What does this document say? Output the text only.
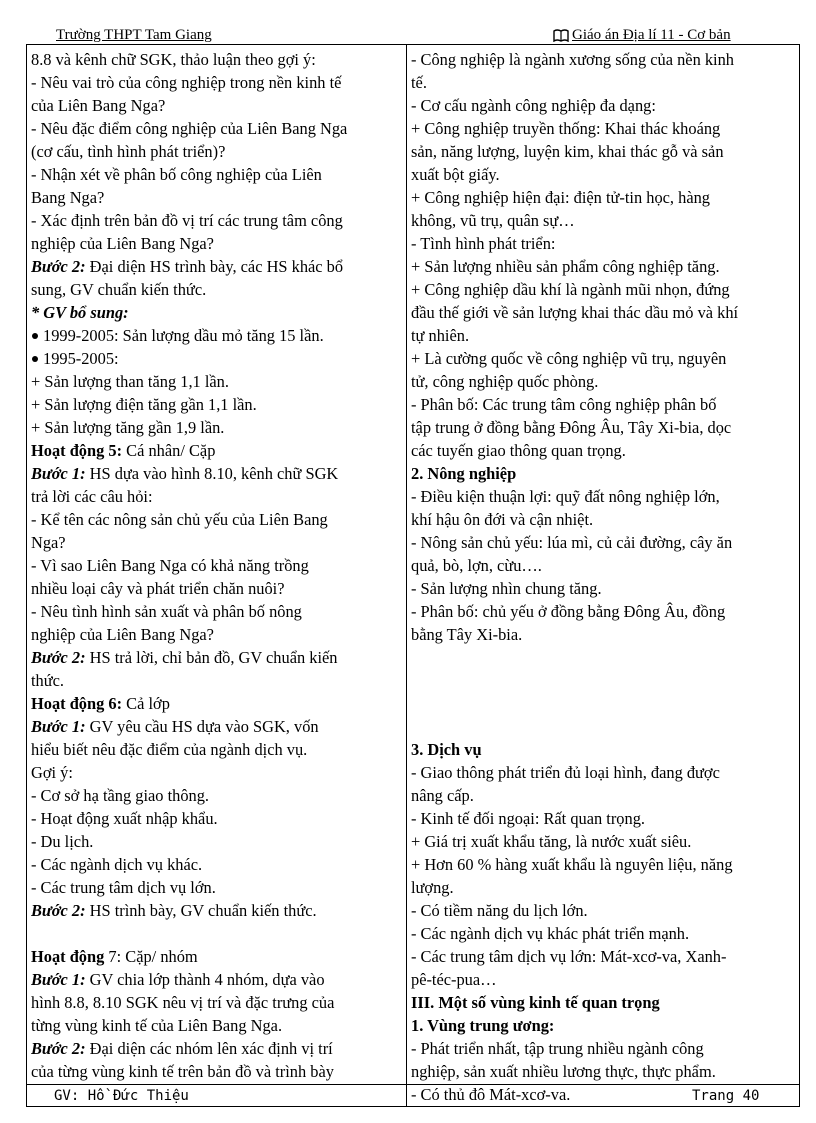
Trường THPT Tam Giang	Giáo án Địa lí 11 - Cơ bản
8.8 và kênh chữ SGK, thảo luận theo gợi ý:
- Nêu vai trò của công nghiệp trong nền kinh tế
của Liên Bang Nga?
- Nêu đặc điểm công nghiệp của Liên Bang Nga
(cơ cấu, tình hình phát triển)?
- Nhận xét về phân bố công nghiệp của Liên
Bang Nga?
- Xác định trên bản đồ vị trí các trung tâm công
nghiệp của Liên Bang Nga?
Bước 2: Đại diện HS trình bày, các HS khác bổ
sung, GV chuẩn kiến thức.
* GV bổ sung:
1999-2005: Sản lượng dầu mỏ tăng 15 lần.
1995-2005:
+ Sản lượng than tăng 1,1 lần.
+ Sản lượng điện tăng gần 1,1 lần.
+ Sản lượng tăng gần 1,9 lần.
Hoạt động 5: Cá nhân/ Cặp
Bước 1: HS dựa vào hình 8.10, kênh chữ SGK
trả lời các câu hỏi:
- Kể tên các nông sản chủ yếu của Liên Bang
Nga?
- Vì sao Liên Bang Nga có khả năng trồng
nhiều loại cây và phát triển chăn nuôi?
- Nêu tình hình sản xuất và phân bố nông
nghiệp của Liên Bang Nga?
Bước 2: HS trả lời, chỉ bản đồ, GV chuẩn kiến
thức.
Hoạt động 6: Cả lớp
Bước 1: GV yêu cầu HS dựa vào SGK, vốn
hiểu biết nêu đặc điểm của ngành dịch vụ.
Gợi ý:
- Cơ sở hạ tầng giao thông.
- Hoạt động xuất nhập khẩu.
- Du lịch.
- Các ngành dịch vụ khác.
- Các trung tâm dịch vụ lớn.
Bước 2: HS trình bày, GV chuẩn kiến thức.
Hoạt động 7: Cặp/ nhóm
Bước 1: GV chia lớp thành 4 nhóm, dựa vào
hình 8.8, 8.10 SGK nêu vị trí và đặc trưng của
từng vùng kinh tế của Liên Bang Nga.
Bước 2: Đại diện các nhóm lên xác định vị trí
của từng vùng kinh tế trên bản đồ và trình bày

- Công nghiệp là ngành xương sống của nền kinh
tế.
- Cơ cấu ngành công nghiệp đa dạng:
+ Công nghiệp truyền thống: Khai thác khoáng
sản, năng lượng, luyện kim, khai thác gỗ và sản
xuất bột giấy.
+ Công nghiệp hiện đại: điện tử-tin học, hàng
không, vũ trụ, quân sự…
- Tình hình phát triển:
+ Sản lượng nhiều sản phẩm công nghiệp tăng.
+ Công nghiệp dầu khí là ngành mũi nhọn, đứng
đầu thế giới về sản lượng khai thác dầu mỏ và khí
tự nhiên.
+ Là cường quốc về công nghiệp vũ trụ, nguyên
tử, công nghiệp quốc phòng.
- Phân bố: Các trung tâm công nghiệp phân bố
tập trung ở đồng bằng Đông Âu, Tây Xi-bia, dọc
các tuyến giao thông quan trọng.
2. Nông nghiệp
- Điều kiện thuận lợi: quỹ đất nông nghiệp lớn,
khí hậu ôn đới và cận nhiệt.
- Nông sản chủ yếu: lúa mì, củ cải đường, cây ăn
quả, bò, lợn, cừu….
- Sản lượng nhìn chung tăng.
- Phân bố: chủ yếu ở đồng bằng Đông Âu, đồng
bằng Tây Xi-bia.
3. Dịch vụ
- Giao thông phát triển đủ loại hình, đang được
nâng cấp.
- Kinh tế đối ngoại: Rất quan trọng.
+ Giá trị xuất khẩu tăng, là nước xuất siêu.
+ Hơn 60 % hàng xuất khẩu là nguyên liệu, năng
lượng.
- Có tiềm năng du lịch lớn.
- Các ngành dịch vụ khác phát triển mạnh.
- Các trung tâm dịch vụ lớn: Mát-xcơ-va, Xanh-
pê-téc-pua…
III. Một số vùng kinh tế quan trọng
1. Vùng trung ương:
- Phát triển nhất, tập trung nhiều ngành công
nghiệp, sản xuất nhiều lương thực, thực phẩm.
- Có thủ đô Mát-xcơ-va.
GV: Hồ Đức Thiệu	Trang 40
